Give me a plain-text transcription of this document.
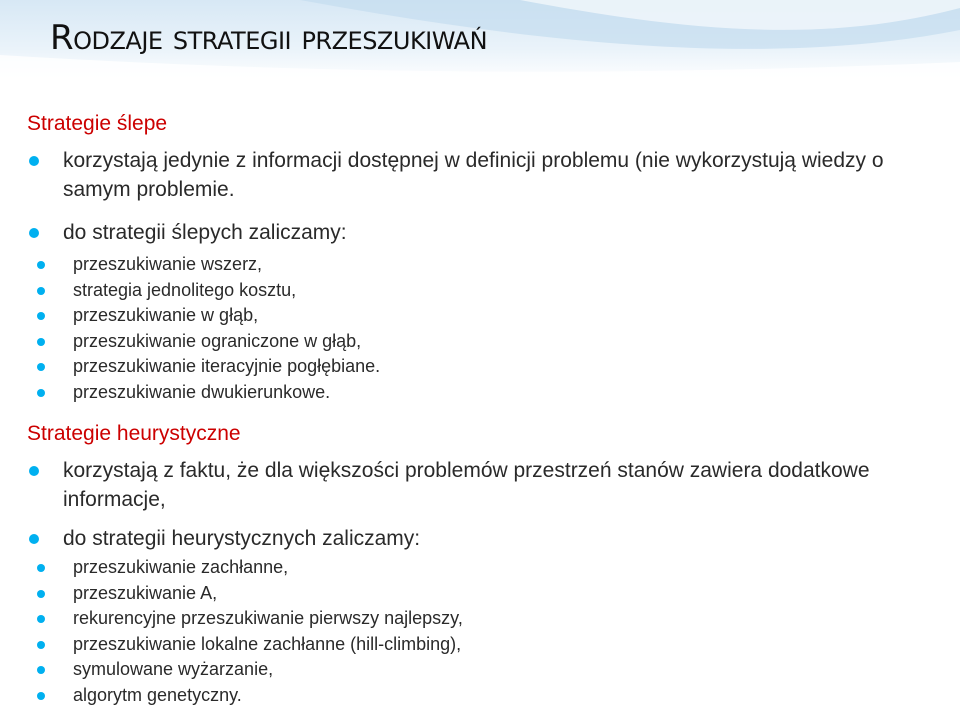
Rodzaje strategii przeszukiwań
Strategie ślepe
korzystają jedynie z informacji dostępnej w definicji problemu (nie wykorzystują wiedzy o samym problemie.
do strategii ślepych zaliczamy:
przeszukiwanie wszerz,
strategia jednolitego kosztu,
przeszukiwanie w głąb,
przeszukiwanie ograniczone w głąb,
przeszukiwanie iteracyjnie pogłębiane.
przeszukiwanie dwukierunkowe.
Strategie heurystyczne
korzystają z faktu, że dla większości problemów przestrzeń stanów zawiera dodatkowe informacje,
do strategii heurystycznych zaliczamy:
przeszukiwanie zachłanne,
przeszukiwanie A,
rekurencyjne przeszukiwanie pierwszy najlepszy,
przeszukiwanie lokalne zachłanne (hill-climbing),
symulowane wyżarzanie,
algorytm genetyczny.
